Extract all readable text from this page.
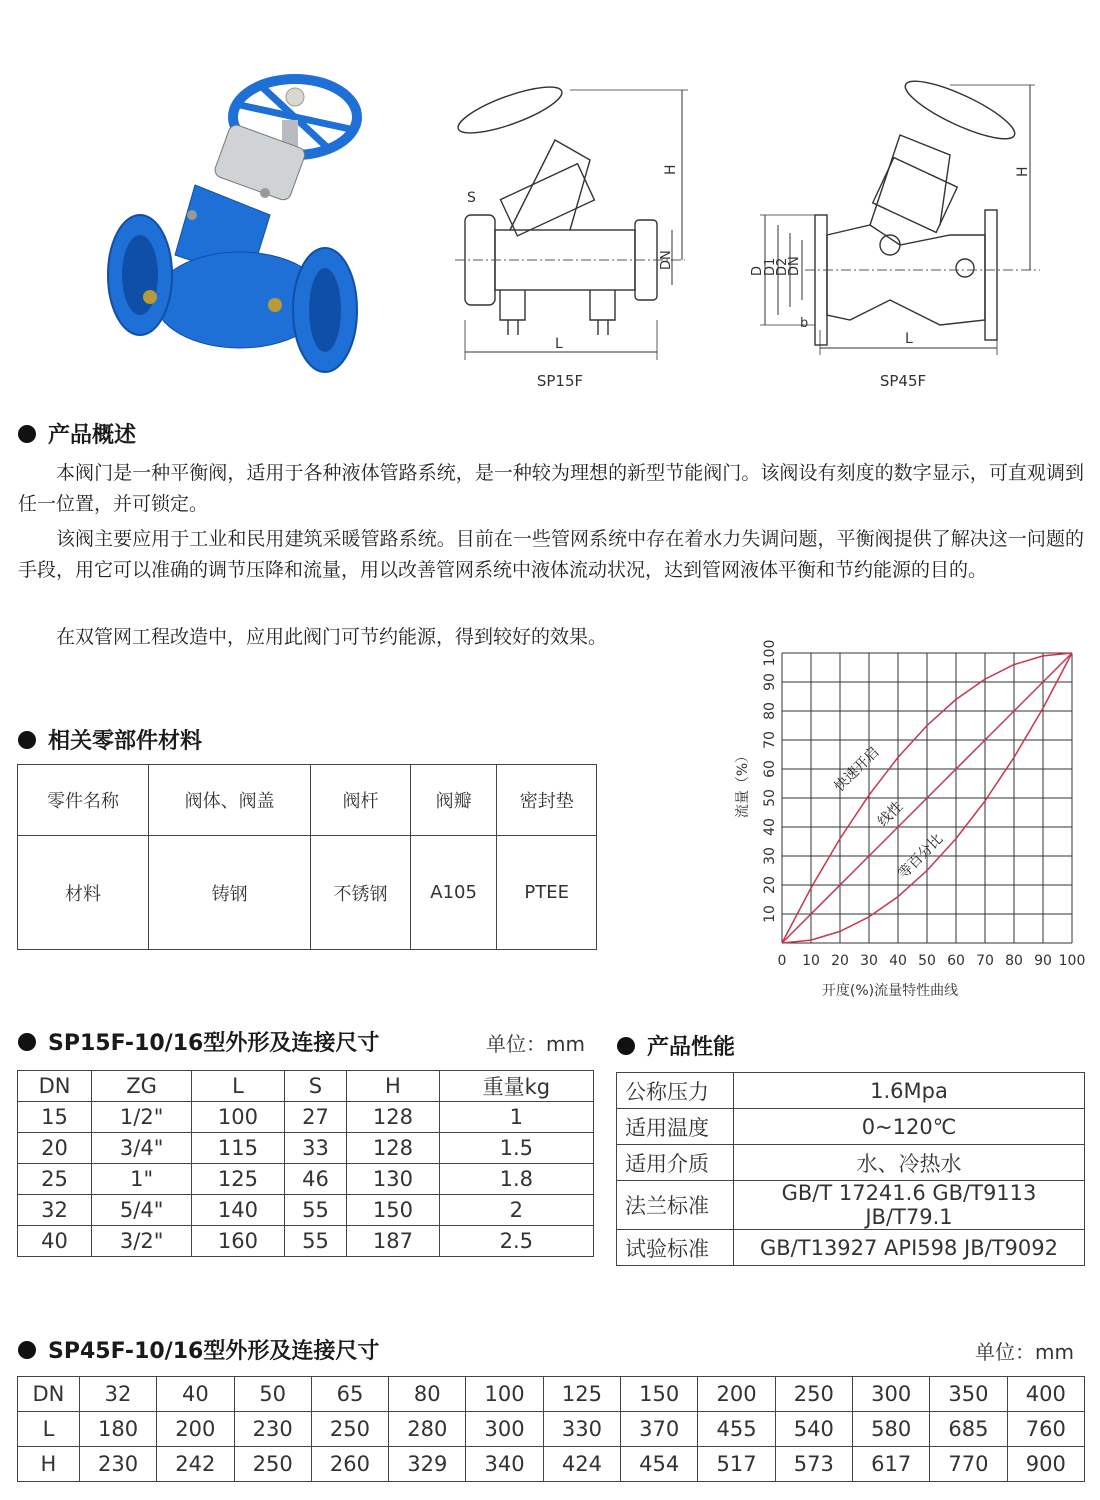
S
H
DN
L
SP15F
H
D
D1
D2
DN
b
L
SP45F
产品概述

本阀门是一种平衡阀，适用于各种液体管路系统，是一种较为理想的新型节能阀门。该阀设有刻度的数字显示，可直观调到任一位置，并可锁定。

该阀主要应用于工业和民用建筑采暖管路系统。目前在一些管网系统中存在着水力失调问题，平衡阀提供了解决这一问题的手段，用它可以准确的调节压降和流量，用以改善管网系统中液体流动状况，达到管网液体平衡和节约能源的目的。

在双管网工程改造中，应用此阀门可节约能源，得到较好的效果。

相关零部件材料
零件名称	阀体、阀盖	阀杆	阀瓣	密封垫
材料	铸钢	不锈钢	A105	PTEE
0 10 20 30 40 50 60 70 80 90 100
10
20
30
40
50
60
70
80
90
100
流量（%）
开度(%)流量特性曲线
快速开启
线性
等百分比
SP15F-10/16型外形及连接尺寸	单位：mm
DN	ZG	L	S	H	重量kg
15	1/2"	100	27	128	1
20	3/4"	115	33	128	1.5
25	1"	125	46	130	1.8
32	5/4"	140	55	150	2
40	3/2"	160	55	187	2.5
产品性能
公称压力	1.6Mpa
适用温度	0~120℃
适用介质	水、冷热水
法兰标准	GB/T 17241.6 GB/T9113 JB/T79.1
试验标准	GB/T13927 API598 JB/T9092
SP45F-10/16型外形及连接尺寸	单位：mm
DN	32	40	50	65	80	100	125	150	200	250	300	350	400
L	180	200	230	250	280	300	330	370	455	540	580	685	760
H	230	242	250	260	329	340	424	454	517	573	617	770	900
